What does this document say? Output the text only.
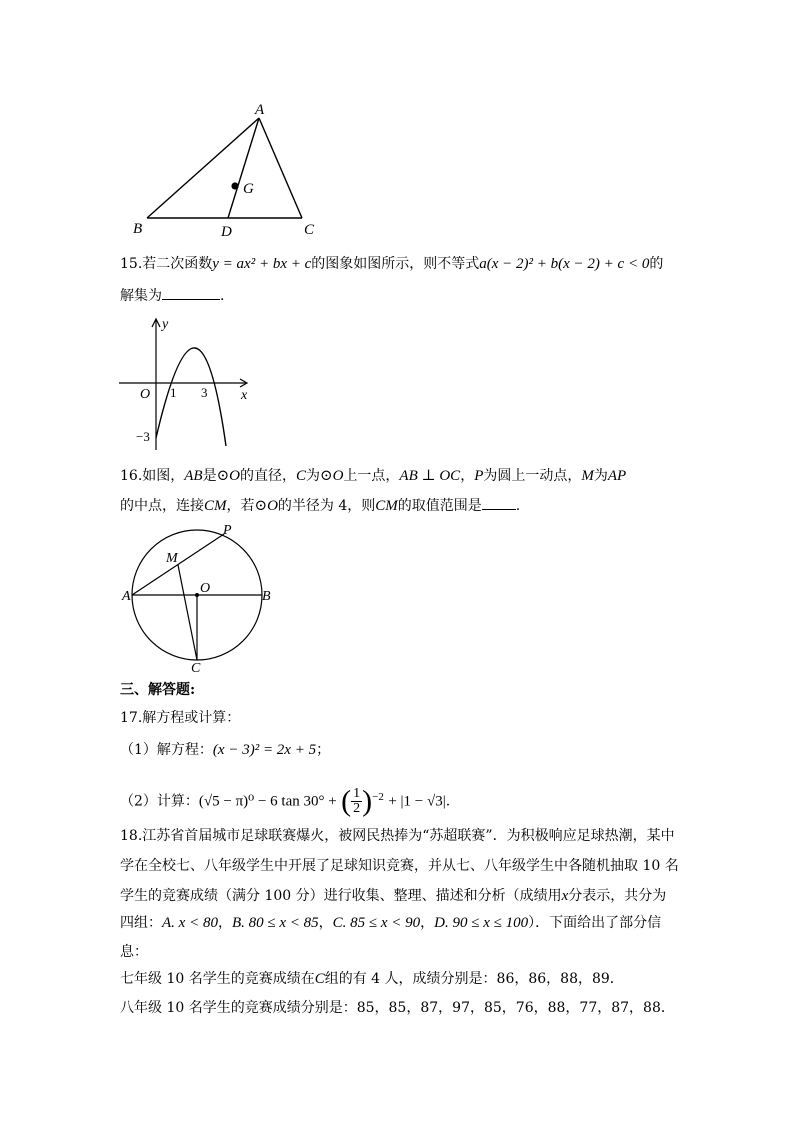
A
B	C
D
G
15.若二次函数y = ax² + bx + c的图象如图所示，则不等式a(x − 2)² + b(x − 2) + c < 0的
解集为	.
y
x
O 1 3
−3
16.如图，AB是⊙O的直径，C为⊙O上一点，AB ⊥ OC，P为圆上一动点，M为AP
的中点，连接CM，若⊙O的半径为 4，则CM的取值范围是 .
A	B
C
O
P
M
三、解答题:
17.解方程或计算：
（1）解方程：(x − 3)² = 2x + 5；
（2）计算：(√5 − π)⁰ − 6 tan 30° + ( $\frac{1}{2} )^{-2} + |1 - √3|$.
18.江苏省首届城市足球联赛爆火，被网民热捧为“苏超联赛”．为积极响应足球热潮，某中
学在全校七、八年级学生中开展了足球知识竞赛，并从七、八年级学生中各随机抽取 10 名
学生的竞赛成绩（满分 100 分）进行收集、整理、描述和分析（成绩用x分表示，共分为
四组：A. x < 80，B. 80 ≤ x < 85，C. 85 ≤ x < 90，D. 90 ≤ x ≤ 100）．下面给出了部分信
息：
七年级 10 名学生的竞赛成绩在C组的有 4 人，成绩分别是：86，86，88，89．
八年级 10 名学生的竞赛成绩分别是：85，85，87，97，85，76，88，77，87，88．
